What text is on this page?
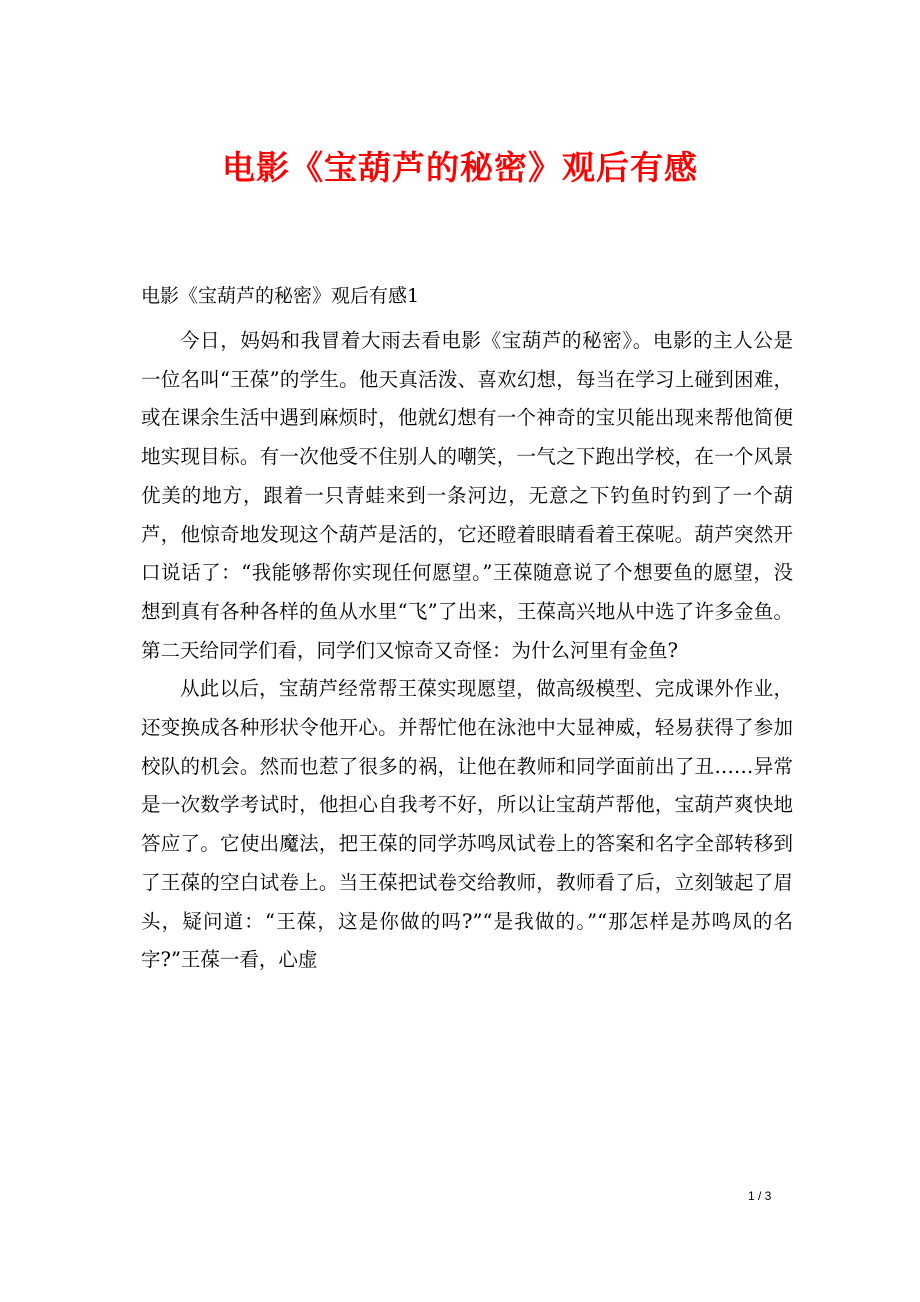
电影《宝葫芦的秘密》观后有感
电影《宝葫芦的秘密》观后有感1

今日，妈妈和我冒着大雨去看电影《宝葫芦的秘密》。电影的主人公是一位名叫“王葆”的学生。他天真活泼、喜欢幻想，每当在学习上碰到困难，或在课余生活中遇到麻烦时，他就幻想有一个神奇的宝贝能出现来帮他简便地实现目标。有一次他受不住别人的嘲笑，一气之下跑出学校，在一个风景优美的地方，跟着一只青蛙来到一条河边，无意之下钓鱼时钓到了一个葫芦，他惊奇地发现这个葫芦是活的，它还瞪着眼睛看着王葆呢。葫芦突然开口说话了：“我能够帮你实现任何愿望。”王葆随意说了个想要鱼的愿望，没想到真有各种各样的鱼从水里“飞”了出来，王葆高兴地从中选了许多金鱼。第二天给同学们看，同学们又惊奇又奇怪：为什么河里有金鱼?

从此以后，宝葫芦经常帮王葆实现愿望，做高级模型、完成课外作业，还变换成各种形状令他开心。并帮忙他在泳池中大显神威，轻易获得了参加校队的机会。然而也惹了很多的祸，让他在教师和同学面前出了丑……异常是一次数学考试时，他担心自我考不好，所以让宝葫芦帮他，宝葫芦爽快地答应了。它使出魔法，把王葆的同学苏鸣凤试卷上的答案和名字全部转移到了王葆的空白试卷上。当王葆把试卷交给教师，教师看了后，立刻皱起了眉头，疑问道：“王葆，这是你做的吗?”“是我做的。”“那怎样是苏鸣凤的名字?”王葆一看，心虚

1 / 3
